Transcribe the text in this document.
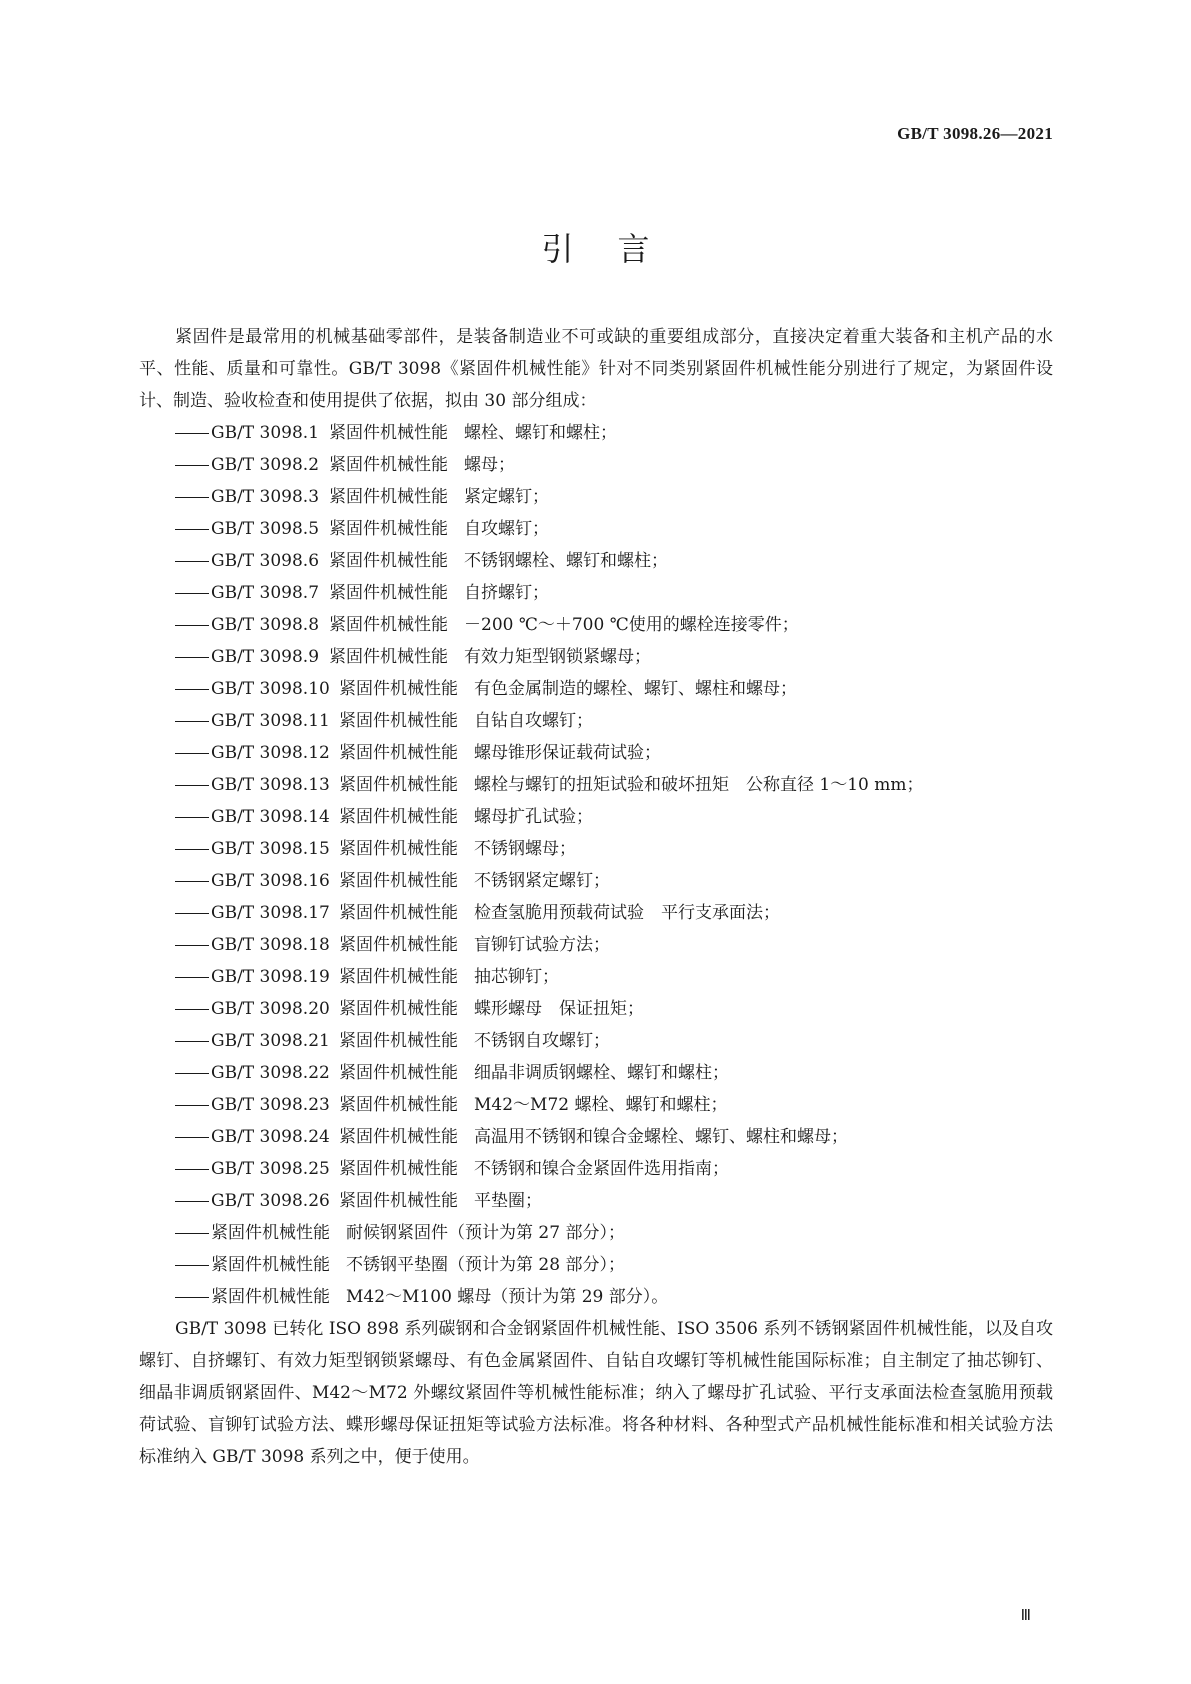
GB/T 3098.26—2021
引言

紧固件是最常用的机械基础零部件，是装备制造业不可或缺的重要组成部分，直接决定着重大装备和主机产品的水平、性能、质量和可靠性。GB/T 3098《紧固件机械性能》针对不同类别紧固件机械性能分别进行了规定，为紧固件设计、制造、验收检查和使用提供了依据，拟由 30 部分组成：

GB/T 3098.1 紧固件机械性能 螺栓、螺钉和螺柱；
GB/T 3098.2 紧固件机械性能 螺母；
GB/T 3098.3 紧固件机械性能 紧定螺钉；
GB/T 3098.5 紧固件机械性能 自攻螺钉；
GB/T 3098.6 紧固件机械性能 不锈钢螺栓、螺钉和螺柱；
GB/T 3098.7 紧固件机械性能 自挤螺钉；
GB/T 3098.8 紧固件机械性能 －200 ℃～＋700 ℃使用的螺栓连接零件；
GB/T 3098.9 紧固件机械性能 有效力矩型钢锁紧螺母；
GB/T 3098.10 紧固件机械性能 有色金属制造的螺栓、螺钉、螺柱和螺母；
GB/T 3098.11 紧固件机械性能 自钻自攻螺钉；
GB/T 3098.12 紧固件机械性能 螺母锥形保证载荷试验；
GB/T 3098.13 紧固件机械性能 螺栓与螺钉的扭矩试验和破坏扭矩　公称直径 1～10 mm；
GB/T 3098.14 紧固件机械性能 螺母扩孔试验；
GB/T 3098.15 紧固件机械性能 不锈钢螺母；
GB/T 3098.16 紧固件机械性能 不锈钢紧定螺钉；
GB/T 3098.17 紧固件机械性能 检查氢脆用预载荷试验　平行支承面法；
GB/T 3098.18 紧固件机械性能 盲铆钉试验方法；
GB/T 3098.19 紧固件机械性能 抽芯铆钉；
GB/T 3098.20 紧固件机械性能 蝶形螺母　保证扭矩；
GB/T 3098.21 紧固件机械性能 不锈钢自攻螺钉；
GB/T 3098.22 紧固件机械性能 细晶非调质钢螺栓、螺钉和螺柱；
GB/T 3098.23 紧固件机械性能 M42～M72 螺栓、螺钉和螺柱；
GB/T 3098.24 紧固件机械性能 高温用不锈钢和镍合金螺栓、螺钉、螺柱和螺母；
GB/T 3098.25 紧固件机械性能 不锈钢和镍合金紧固件选用指南；
GB/T 3098.26 紧固件机械性能 平垫圈；
紧固件机械性能 耐候钢紧固件（预计为第 27 部分）；
紧固件机械性能 不锈钢平垫圈（预计为第 28 部分）；
紧固件机械性能 M42～M100 螺母（预计为第 29 部分）。

GB/T 3098 已转化 ISO 898 系列碳钢和合金钢紧固件机械性能、ISO 3506 系列不锈钢紧固件机械性能，以及自攻螺钉、自挤螺钉、有效力矩型钢锁紧螺母、有色金属紧固件、自钻自攻螺钉等机械性能国际标准；自主制定了抽芯铆钉、细晶非调质钢紧固件、M42～M72 外螺纹紧固件等机械性能标准；纳入了螺母扩孔试验、平行支承面法检查氢脆用预载荷试验、盲铆钉试验方法、蝶形螺母保证扭矩等试验方法标准。将各种材料、各种型式产品机械性能标准和相关试验方法标准纳入 GB/T 3098 系列之中，便于使用。

Ⅲ
